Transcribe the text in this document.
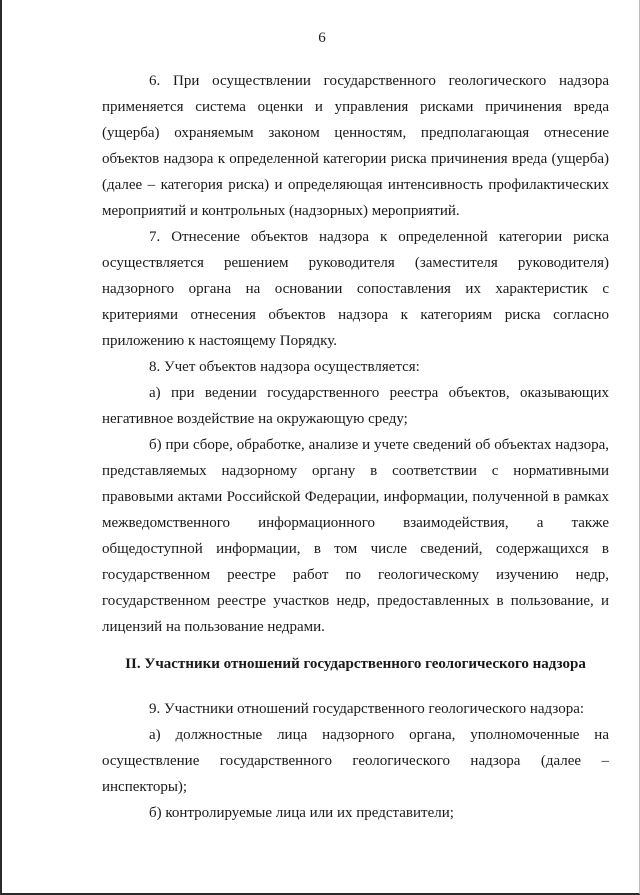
6

6. При осуществлении государственного геологического надзора применяется система оценки и управления рисками причинения вреда (ущерба) охраняемым законом ценностям, предполагающая отнесение объектов надзора к определенной категории риска причинения вреда (ущерба) (далее – категория риска) и определяющая интенсивность профилактических мероприятий и контрольных (надзорных) мероприятий.

7. Отнесение объектов надзора к определенной категории риска осуществляется решением руководителя (заместителя руководителя) надзорного органа на основании сопоставления их характеристик с критериями отнесения объектов надзора к категориям риска согласно приложению к настоящему Порядку.

8. Учет объектов надзора осуществляется:

а) при ведении государственного реестра объектов, оказывающих негативное воздействие на окружающую среду;

б) при сборе, обработке, анализе и учете сведений об объектах надзора, представляемых надзорному органу в соответствии с нормативными правовыми актами Российской Федерации, информации, полученной в рамках межведомственного информационного взаимодействия, а также общедоступной информации, в том числе сведений, содержащихся в государственном реестре работ по геологическому изучению недр, государственном реестре участков недр, предоставленных в пользование, и лицензий на пользование недрами.

II. Участники отношений государственного геологического надзора

9. Участники отношений государственного геологического надзора:

а) должностные лица надзорного органа, уполномоченные на осуществление государственного геологического надзора (далее – инспекторы);

б) контролируемые лица или их представители;
